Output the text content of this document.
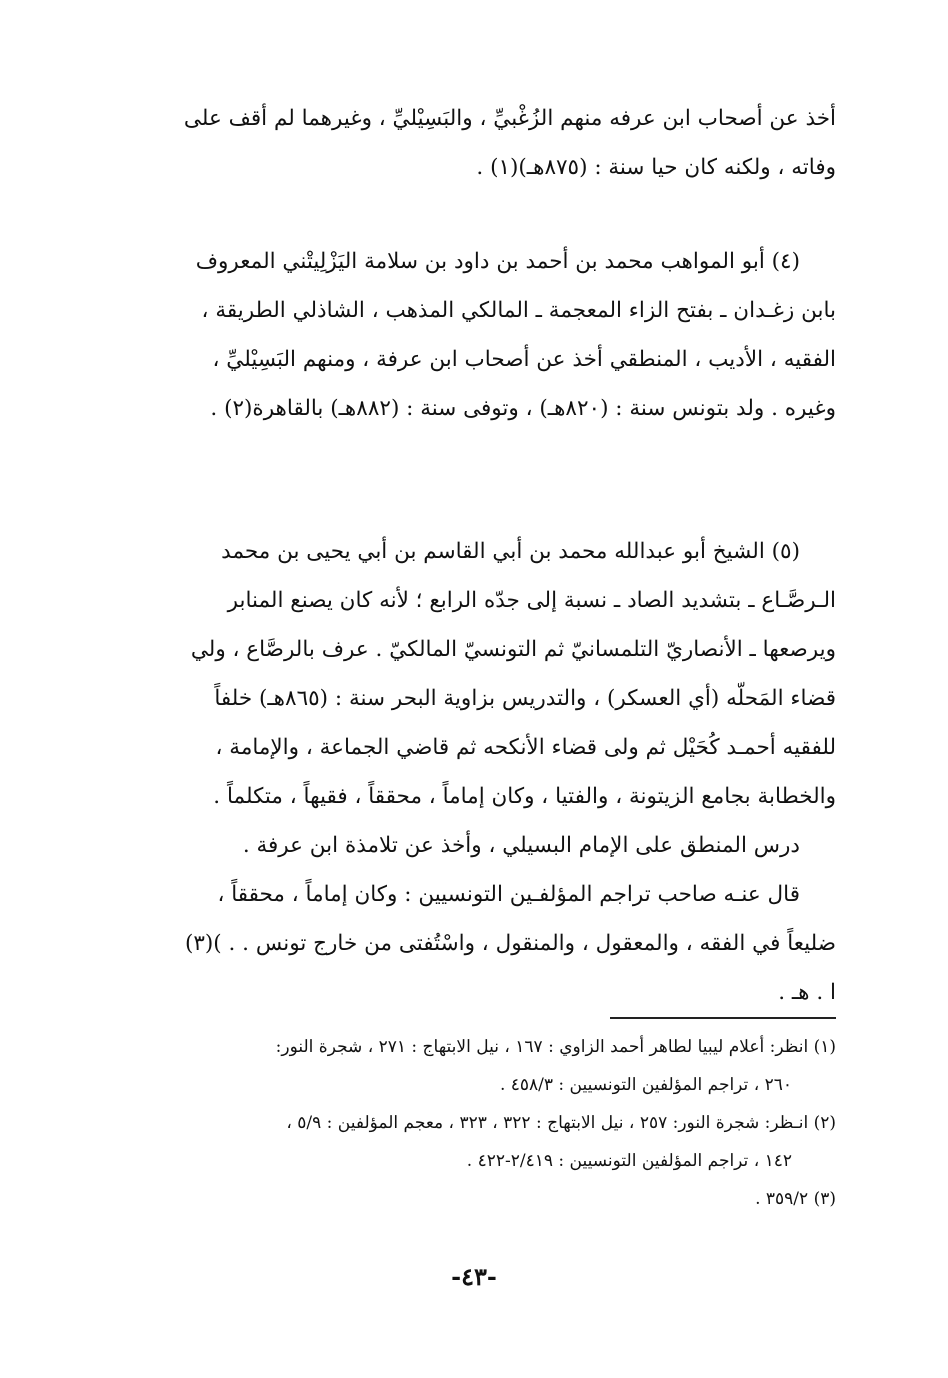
أخذ عن أصحاب ابن عرفه منهم الزُغْبيِّ ، والبَسِيْليِّ ، وغيرهما لم أقف على
وفاته ، ولكنه كان حيا سنة : (٨٧٥هـ)(١) .
(٤) أبو المواهب محمد بن أحمد بن داود بن سلامة اليَزْلِيتْني المعروف
بابن زغـدان ـ بفتح الزاء المعجمة ـ المالكي المذهب ، الشاذلي الطريقة ،
الفقيه ، الأديب ، المنطقي أخذ عن أصحاب ابن عرفة ، ومنهم البَسِيْليِّ ،
وغيره . ولد بتونس سنة : (٨٢٠هـ) ، وتوفى سنة : (٨٨٢هـ) بالقاهرة(٢) .
(٥) الشيخ أبو عبدالله محمد بن أبي القاسم بن أبي يحيى بن محمد
الـرصَّـاع ـ بتشديد الصاد ـ نسبة إلى جدّه الرابع ؛ لأنه كان يصنع المنابر
ويرصعها ـ الأنصاريّ التلمسانيّ ثم التونسيّ المالكيّ . عرف بالرصَّاع ، ولي
قضاء المَحلّه (أي العسكر) ، والتدريس بزاوية البحر سنة : (٨٦٥هـ) خلفاً
للفقيه أحمـد كُحَيْل ثم ولى قضاء الأنكحه ثم قاضي الجماعة ، والإمامة ،
والخطابة بجامع الزيتونة ، والفتيا ، وكان إماماً ، محققاً ، فقيهاً ، متكلماً .
درس المنطق على الإمام البسيلي ، وأخذ عن تلامذة ابن عرفة .
قال عنـه صاحب تراجم المؤلفـين التونسيين : وكان إماماً ، محققاً ،
ضليعاً في الفقه ، والمعقول ، والمنقول ، واسْتُفتى من خارج تونس . . )(٣)
ا . هـ .
(١) انظر: أعلام ليبيا لطاهر أحمد الزاوي : ١٦٧ ، نيل الابتهاج : ٢٧١ ، شجرة النور:
٢٦٠ ، تراجم المؤلفين التونسيين : ٤٥٨/٣ .
(٢) انـظر: شجرة النور: ٢٥٧ ، نيل الابتهاج : ٣٢٢ ، ٣٢٣ ، معجم المؤلفين : ٥/٩ ،
١٤٢ ، تراجم المؤلفين التونسيين : ٢/٤١٩-٤٢٢ .
(٣) ٣٥٩/٢ .
-٤٣-
